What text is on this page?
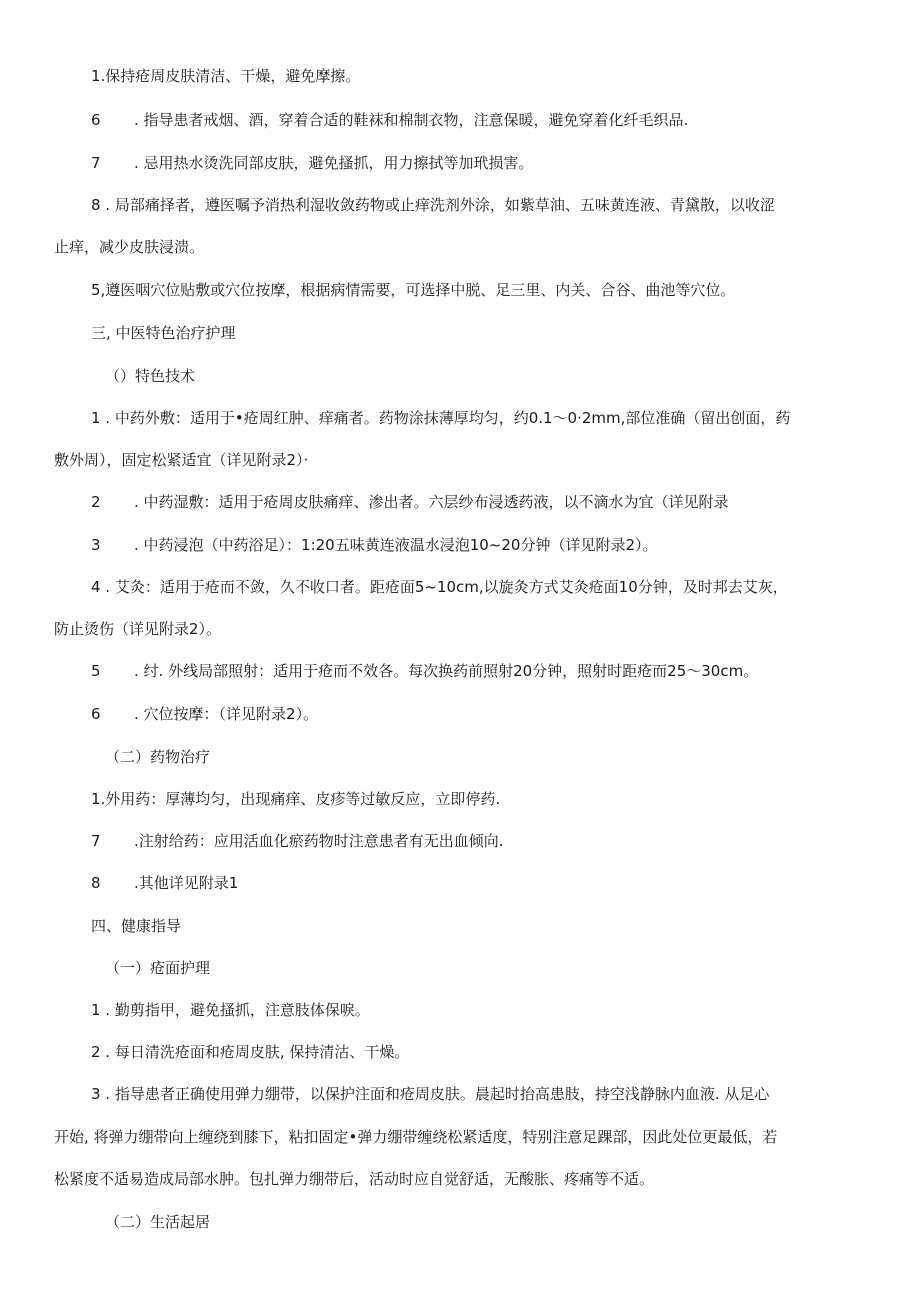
1.保持疮周皮肤清洁、干燥，避免摩擦。
6 . 指导患者戒烟、酒，穿着合适的鞋袜和棉制衣物，注意保暖，避免穿着化纤毛织品.
7 . 忌用热水烫洗同部皮肤，避免搔抓，用力擦拭等加玳损害。
8 . 局部痛择者，遵医嘱予消热利湿收敛药物或止痒洗剂外涂，如紫草油、五味黄连液、青黛散，以收涩
止痒，减少皮肤浸溃。
5,遵医咽穴位贴敷或穴位按摩，根据病情需要，可选择中脱、足三里、内关、合谷、曲池等穴位。
三, 中医特色治疗护理
（）特色技术
1 . 中药外敷：适用于•疮周红肿、痒痛者。药物涂抹薄厚均匀，约0.1〜0·2mm,部位准确（留出创面，药
敷外周），固定松紧适宜（详见附录2）·
2 . 中药湿敷：适用于疮周皮肤痛痒、渗出者。六层纱布浸透药液，以不滴水为宜（详见附录
3 . 中药浸泡（中药浴足）：1:20五味黄连液温水浸泡10~20分钟（详见附录2）。
4 . 艾灸：适用于疮而不敛，久不收口者。距疮面5~10cm,以旋灸方式艾灸疮面10分钟，及时邦去艾灰，
防止烫伤（详见附录2）。
5 . 纣. 外线局部照射：适用于疮而不效各。每次换药前照射20分钟，照射时距疮而25〜30cm。
6 . 穴位按摩：（详见附录2）。
（二）药物治疗
1.外用药：厚薄均匀，出现痛痒、皮疹等过敏反应，立即停药.
7 .注射给药：应用活血化瘀药物时注意患者有无出血倾向.
8 .其他详见附录1
四、健康指导
（一）疮面护理
1 . 勤剪指甲，避免搔抓，注意肢体保唳。
2 . 每日清洗疮面和疮周皮肤, 保持清沽、干燥。
3 . 指导患者正确使用弹力绷带，以保护注面和疮周皮肤。晨起时抬高患肢，持空浅静脉内血液. 从足心
开始, 将弹力绷带向上缠绕到膝下，粘扣固定•弹力绷带缠绕松紧适度，特别注意足踝部，因此处位更最低，若
松紧度不适易造成局部水肿。包扎弹力绷带后，活动时应自觉舒适，无酸胀、疼痛等不适。
（二）生活起居
